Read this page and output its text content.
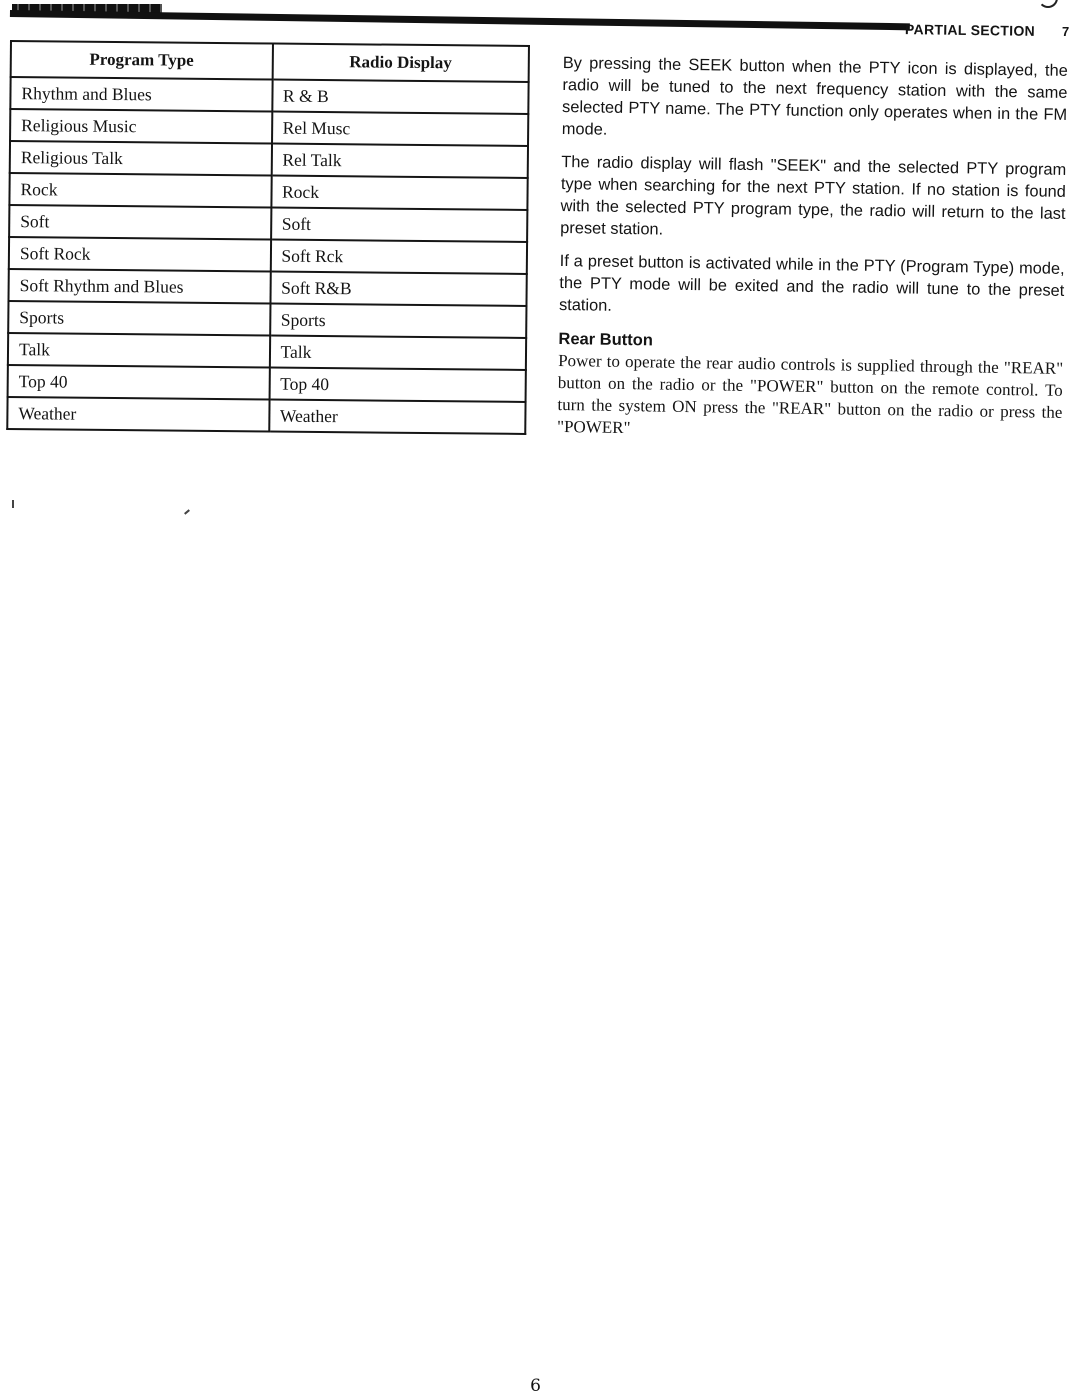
PARTIAL SECTION 7
Program Type	Radio Display
Rhythm and Blues	R & B
Religious Music	Rel Musc
Religious Talk	Rel Talk
Rock	Rock
Soft	Soft
Soft Rock	Soft Rck
Soft Rhythm and Blues	Soft R&B
Sports	Sports
Talk	Talk
Top 40	Top 40
Weather	Weather

By pressing the SEEK button when the PTY icon is displayed, the radio will be tuned to the next frequency station with the same selected PTY name. The PTY function only operates when in the FM mode.

The radio display will flash "SEEK" and the selected PTY program type when searching for the next PTY station. If no station is found with the selected PTY program type, the radio will return to the last preset station.

If a preset button is activated while in the PTY (Program Type) mode, the PTY mode will be exited and the radio will tune to the preset station.

Rear Button

Power to operate the rear audio controls is supplied through the "REAR" button on the radio or the "POWER" button on the remote control. To turn the system ON press the "REAR" button on the radio or press the "POWER"

6
